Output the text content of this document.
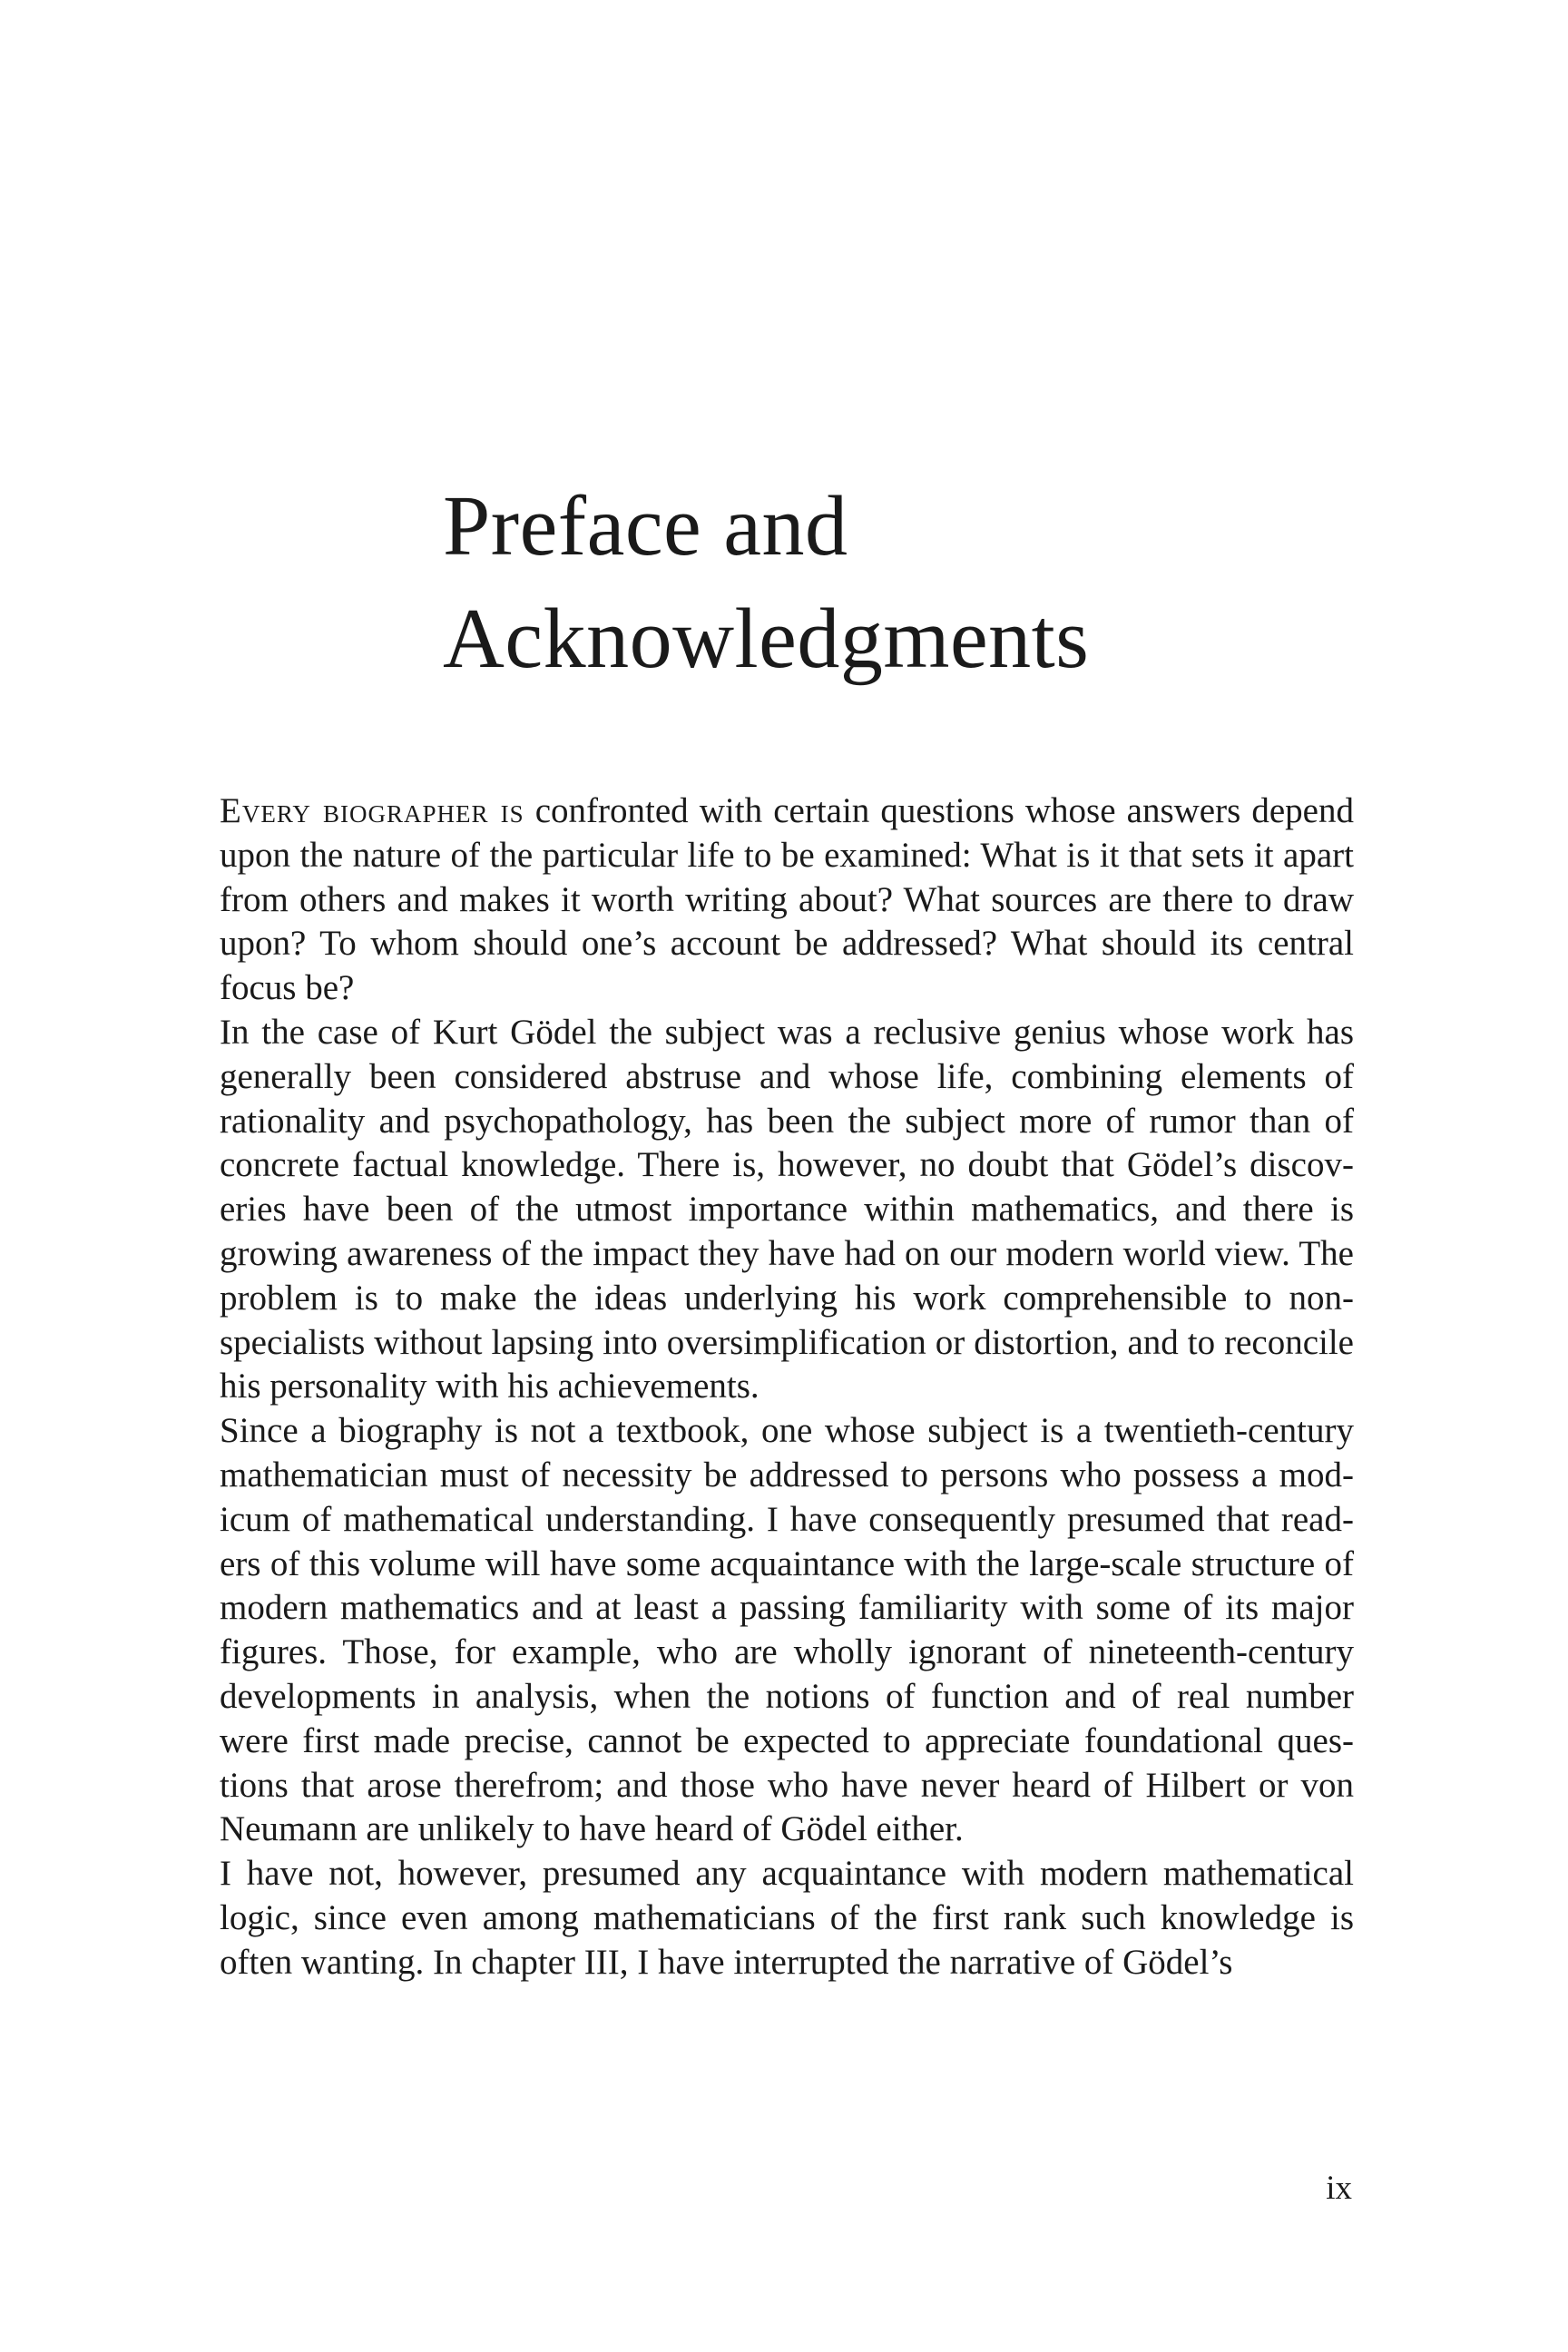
Preface and
Acknowledgments

Every biographer is confronted with certain questions whose answers depend upon the nature of the particular life to be examined: What is it that sets it apart from others and makes it worth writing about? What sources are there to draw upon? To whom should one’s account be addressed? What should its central focus be?

In the case of Kurt Gödel the subject was a reclusive genius whose work has generally been considered abstruse and whose life, combining elements of rationality and psychopathology, has been the subject more of rumor than of concrete factual knowledge. There is, however, no doubt that Gödel’s discoveries have been of the utmost importance within mathematics, and there is growing awareness of the impact they have had on our modern world view. The problem is to make the ideas underlying his work comprehensible to nonspecialists without lapsing into oversimplification or distortion, and to reconcile his personality with his achievements.

Since a biography is not a textbook, one whose subject is a twentieth-century mathematician must of necessity be addressed to persons who possess a modicum of mathematical understanding. I have consequently presumed that readers of this volume will have some acquaintance with the large-scale structure of modern mathematics and at least a passing familiarity with some of its major figures. Those, for example, who are wholly ignorant of nineteenth-century developments in analysis, when the notions of function and of real number were first made precise, cannot be expected to appreciate foundational questions that arose therefrom; and those who have never heard of Hilbert or von Neumann are unlikely to have heard of Gödel either.

I have not, however, presumed any acquaintance with modern mathematical logic, since even among mathematicians of the first rank such knowledge is often wanting. In chapter III, I have interrupted the narrative of Gödel’s

ix
